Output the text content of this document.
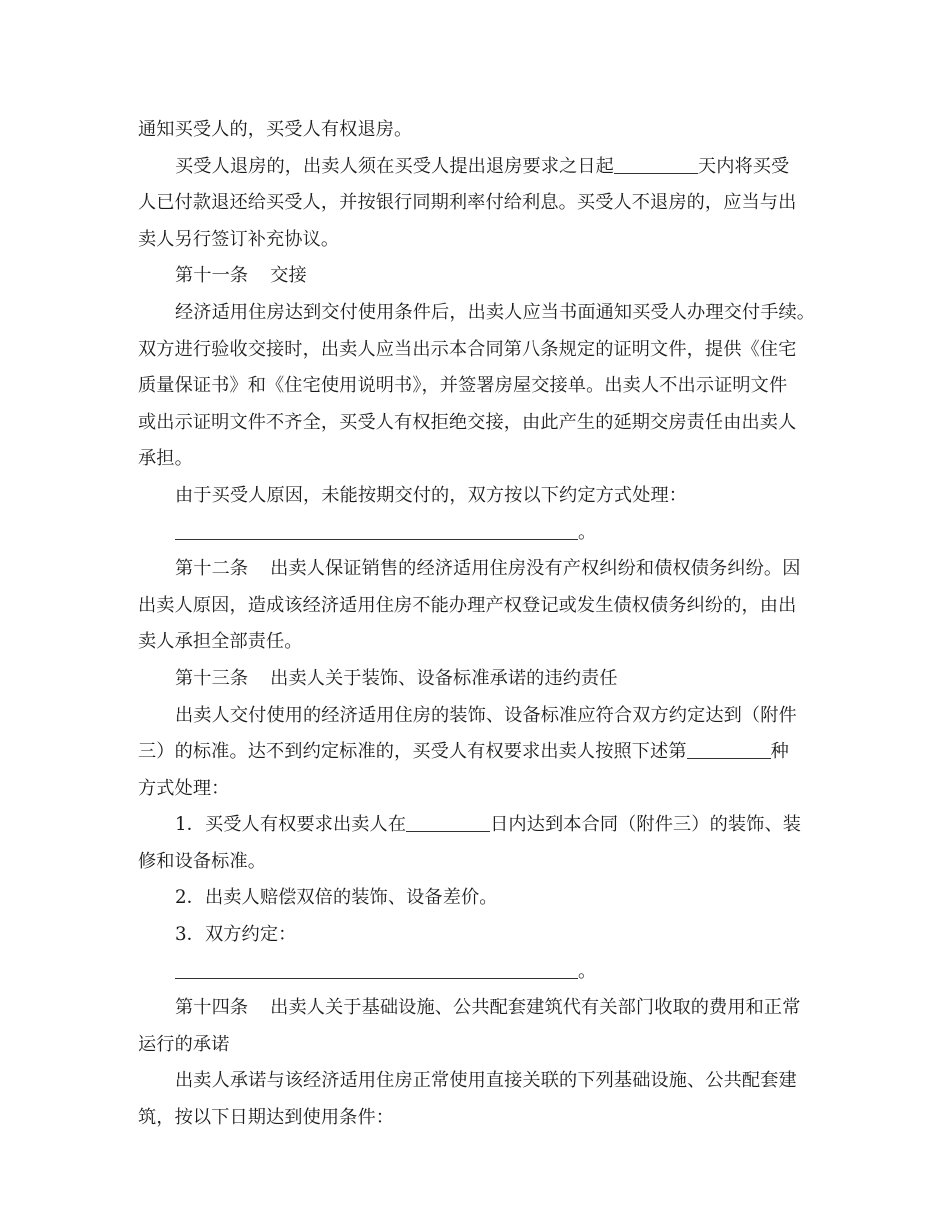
通知买受人的，买受人有权退房。
买受人退房的，出卖人须在买受人提出退房要求之日起	天内将买受
人已付款退还给买受人，并按银行同期利率付给利息。买受人不退房的，应当与出
卖人另行签订补充协议。
第十一条 交接
经济适用住房达到交付使用条件后，出卖人应当书面通知买受人办理交付手续。
双方进行验收交接时，出卖人应当出示本合同第八条规定的证明文件，提供《住宅
质量保证书》和《住宅使用说明书》，并签署房屋交接单。出卖人不出示证明文件
或出示证明文件不齐全，买受人有权拒绝交接，由此产生的延期交房责任由出卖人
承担。
由于买受人原因，未能按期交付的，双方按以下约定方式处理：
。
第十二条 出卖人保证销售的经济适用住房没有产权纠纷和债权债务纠纷。因
出卖人原因，造成该经济适用住房不能办理产权登记或发生债权债务纠纷的，由出
卖人承担全部责任。
第十三条 出卖人关于装饰、设备标准承诺的违约责任
出卖人交付使用的经济适用住房的装饰、设备标准应符合双方约定达到（附件
三）的标准。达不到约定标准的，买受人有权要求出卖人按照下述第	种
方式处理：
1．买受人有权要求出卖人在	日内达到本合同（附件三）的装饰、装
修和设备标准。
2．出卖人赔偿双倍的装饰、设备差价。
3．双方约定：
。
第十四条 出卖人关于基础设施、公共配套建筑代有关部门收取的费用和正常
运行的承诺
出卖人承诺与该经济适用住房正常使用直接关联的下列基础设施、公共配套建
筑，按以下日期达到使用条件：
